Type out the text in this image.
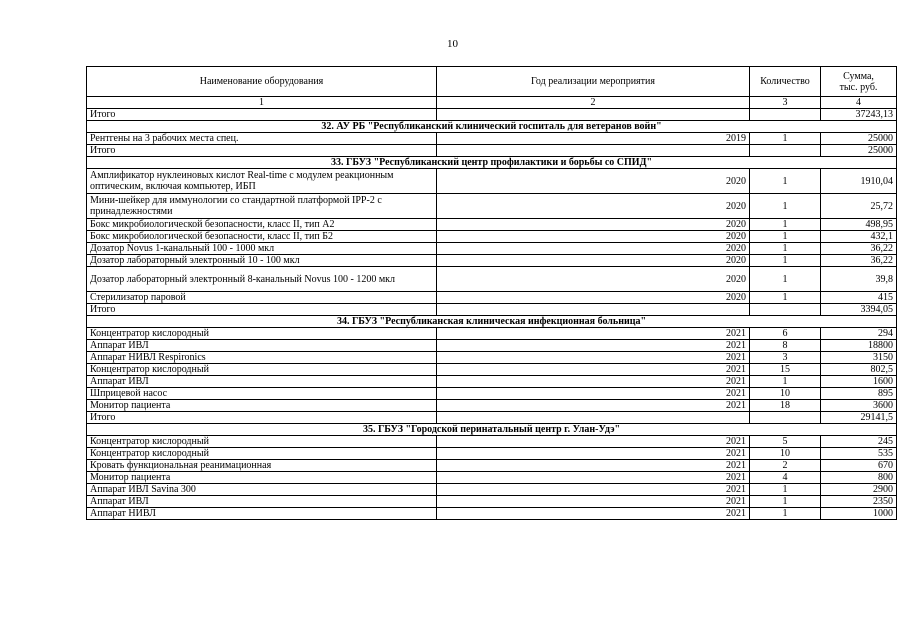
10
Наименование оборудования	Год реализации мероприятия	Количество	Сумма,
тыс. руб.
1	2	3	4
Итого			37243,13
32. АУ РБ "Республиканский клинический госпиталь для ветеранов войн"			
Рентгены на 3 рабочих места спец.	2019	1	25000
Итого			25000
33. ГБУЗ "Республиканский центр профилактики и борьбы со СПИД"			
Амплификатор нуклеиновых кислот Real-time с модулем реакционным оптическим, включая компьютер, ИБП	2020	1	1910,04
Мини-шейкер для иммунологии со стандартной платформой IPP-2 с принадлежностями	2020	1	25,72
Бокс микробиологической безопасности, класс II, тип А2	2020	1	498,95
Бокс микробиологической безопасности, класс II, тип Б2	2020	1	432,1
Дозатор Novus 1-канальный 100 - 1000 мкл	2020	1	36,22
Дозатор лабораторный электронный 10 - 100 мкл	2020	1	36,22
Дозатор лабораторный электронный 8-канальный Novus 100 - 1200 мкл	2020	1	39,8
Стерилизатор паровой	2020	1	415
Итого			3394,05
34. ГБУЗ "Республиканская клиническая инфекционная больница"			
Концентратор кислородный	2021	6	294
Аппарат ИВЛ	2021	8	18800
Аппарат НИВЛ Respironics	2021	3	3150
Концентратор кислородный	2021	15	802,5
Аппарат ИВЛ	2021	1	1600
Шприцевой насос	2021	10	895
Монитор пациента	2021	18	3600
Итого			29141,5
35. ГБУЗ "Городской перинатальный центр г. Улан-Удэ"			
Концентратор кислородный	2021	5	245
Концентратор кислородный	2021	10	535
Кровать функциональная реанимационная	2021	2	670
Монитор пациента	2021	4	800
Аппарат ИВЛ Savina 300	2021	1	2900
Аппарат ИВЛ	2021	1	2350
Аппарат НИВЛ	2021	1	1000
